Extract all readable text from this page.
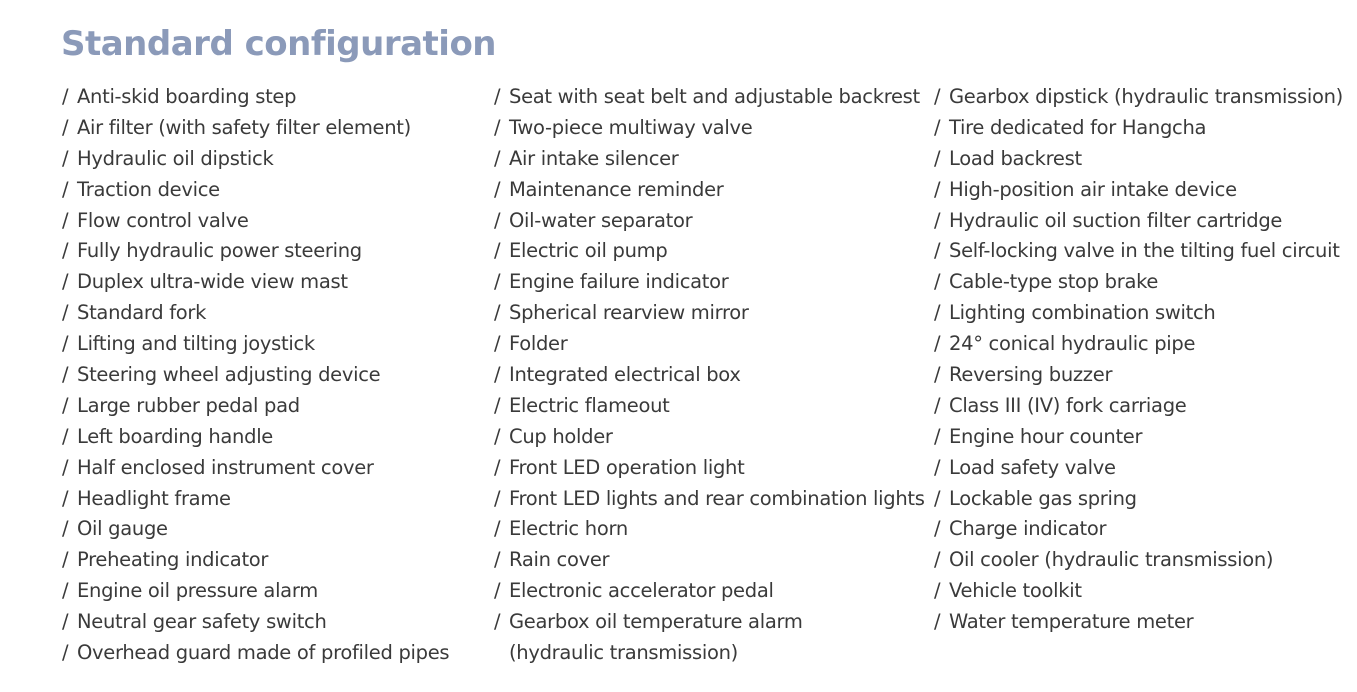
Standard configuration
/ Anti-skid boarding step
/ Air filter (with safety filter element)
/ Hydraulic oil dipstick
/ Traction device
/ Flow control valve
/ Fully hydraulic power steering
/ Duplex ultra-wide view mast
/ Standard fork
/ Lifting and tilting joystick
/ Steering wheel adjusting device
/ Large rubber pedal pad
/ Left boarding handle
/ Half enclosed instrument cover
/ Headlight frame
/ Oil gauge
/ Preheating indicator
/ Engine oil pressure alarm
/ Neutral gear safety switch
/ Overhead guard made of profiled pipes
/ Seat with seat belt and adjustable backrest
/ Two-piece multiway valve
/ Air intake silencer
/ Maintenance reminder
/ Oil-water separator
/ Electric oil pump
/ Engine failure indicator
/ Spherical rearview mirror
/ Folder
/ Integrated electrical box
/ Electric flameout
/ Cup holder
/ Front LED operation light
/ Front LED lights and rear combination lights
/ Electric horn
/ Rain cover
/ Electronic accelerator pedal
/ Gearbox oil temperature alarm
(hydraulic transmission)
/ Gearbox dipstick (hydraulic transmission)
/ Tire dedicated for Hangcha
/ Load backrest
/ High-position air intake device
/ Hydraulic oil suction filter cartridge
/ Self-locking valve in the tilting fuel circuit
/ Cable-type stop brake
/ Lighting combination switch
/ 24° conical hydraulic pipe
/ Reversing buzzer
/ Class III (IV) fork carriage
/ Engine hour counter
/ Load safety valve
/ Lockable gas spring
/ Charge indicator
/ Oil cooler (hydraulic transmission)
/ Vehicle toolkit
/ Water temperature meter
